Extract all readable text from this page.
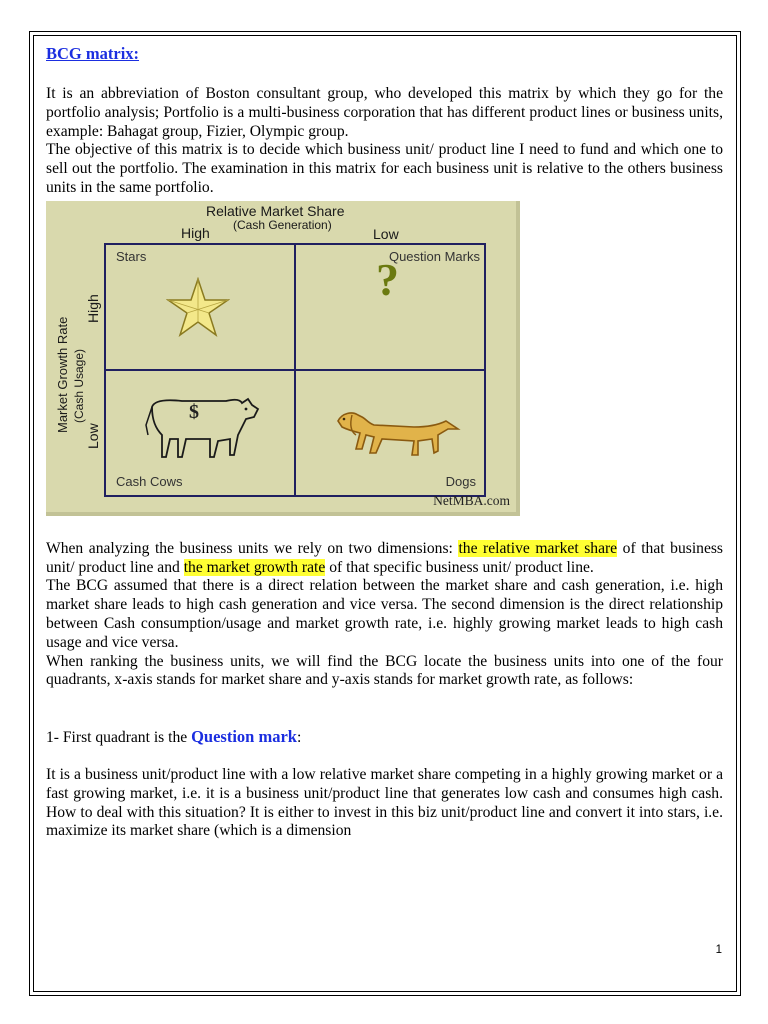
BCG matrix:

It is an abbreviation of Boston consultant group, who developed this matrix by which they go for the portfolio analysis; Portfolio is a multi-business corporation that has different product lines or business units, example: Bahagat group, Fizier, Olympic group.

The objective of this matrix is to decide which business unit/ product line I need to fund and which one to sell out the portfolio. The examination in this matrix for each business unit is relative to the others business units in the same portfolio.

Relative Market Share
(Cash Generation)
High	Low
Market Growth Rate (Cash Usage)
High
Low
Stars	Question Marks
Cash Cows	Dogs
?
$
NetMBA.com

When analyzing the business units we rely on two dimensions: the relative market share of that business unit/ product line and the market growth rate of that specific business unit/ product line.

The BCG assumed that there is a direct relation between the market share and cash generation, i.e. high market share leads to high cash generation and vice versa. The second dimension is the direct relationship between Cash consumption/usage and market growth rate, i.e. highly growing market leads to high cash usage and vice versa.

When ranking the business units, we will find the BCG locate the business units into one of the four quadrants, x-axis stands for market share and y-axis stands for market growth rate, as follows:

1- First quadrant is the Question mark:

It is a business unit/product line with a low relative market share competing in a highly growing market or a fast growing market, i.e. it is a business unit/product line that generates low cash and consumes high cash. How to deal with this situation? It is either to invest in this biz unit/product line and convert it into stars, i.e. maximize its market share (which is a dimension

1
